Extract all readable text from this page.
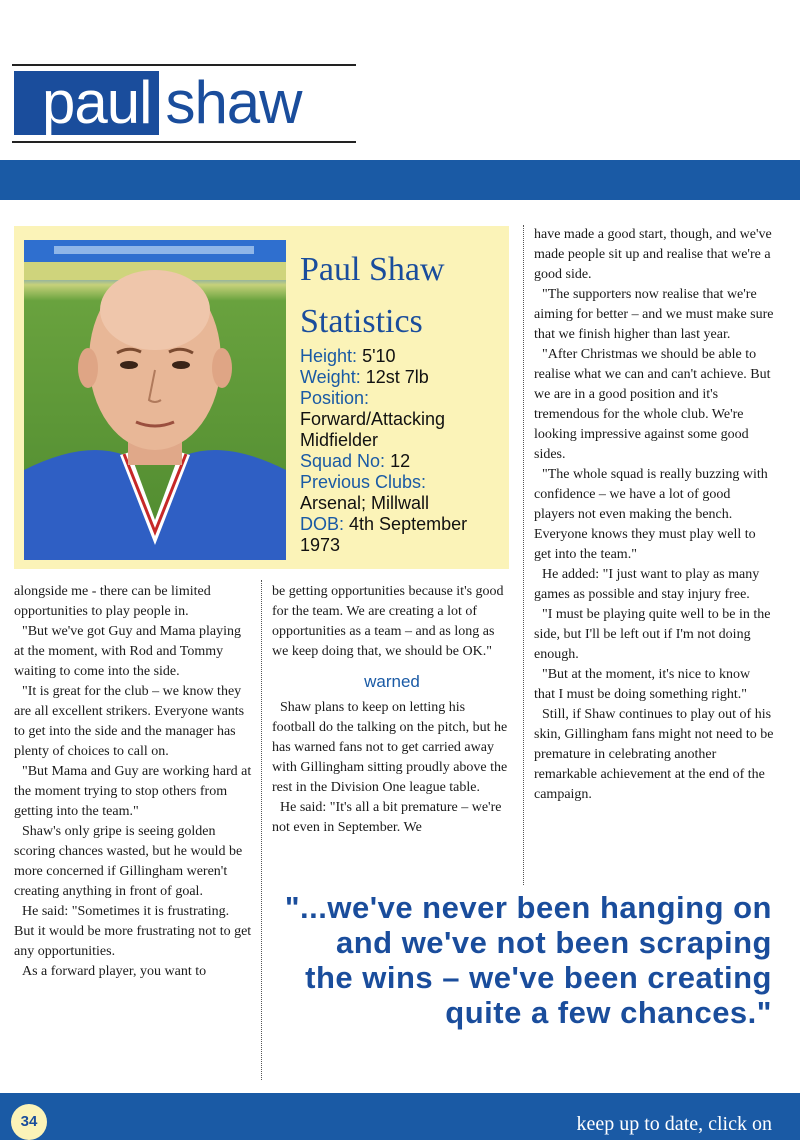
paul shaw
Paul Shaw
Statistics
Height: 5'10
Weight: 12st 7lb
Position:
Forward/Attacking Midfielder
Squad No: 12
Previous Clubs:
Arsenal; Millwall
DOB: 4th September 1973

alongside me - there can be limited opportunities to play people in.

"But we've got Guy and Mama playing at the moment, with Rod and Tommy waiting to come into the side.

"It is great for the club – we know they are all excellent strikers. Everyone wants to get into the side and the manager has plenty of choices to call on.

"But Mama and Guy are working hard at the moment trying to stop others from getting into the team."

Shaw's only gripe is seeing golden scoring chances wasted, but he would be more concerned if Gillingham weren't creating anything in front of goal.

He said: "Sometimes it is frustrating. But it would be more frustrating not to get any opportunities.

As a forward player, you want to

be getting opportunities because it's good for the team. We are creating a lot of opportunities as a team – and as long as we keep doing that, we should be OK."

warned

Shaw plans to keep on letting his football do the talking on the pitch, but he has warned fans not to get carried away with Gillingham sitting proudly above the rest in the Division One league table.

He said: "It's all a bit premature – we're not even in September. We

have made a good start, though, and we've made people sit up and realise that we're a good side.

"The supporters now realise that we're aiming for better – and we must make sure that we finish higher than last year.

"After Christmas we should be able to realise what we can and can't achieve. But we are in a good position and it's tremendous for the whole club. We're looking impressive against some good sides.

"The whole squad is really buzzing with confidence – we have a lot of good players not even making the bench. Everyone knows they must play well to get into the team."

He added: "I just want to play as many games as possible and stay injury free.

"I must be playing quite well to be in the side, but I'll be left out if I'm not doing enough.

"But at the moment, it's nice to know that I must be doing something right."

Still, if Shaw continues to play out of his skin, Gillingham fans might not need to be premature in celebrating another remarkable achievement at the end of the campaign.

"...we've never been hanging on and we've not been scraping the wins – we've been creating quite a few chances."
34	keep up to date, click on
